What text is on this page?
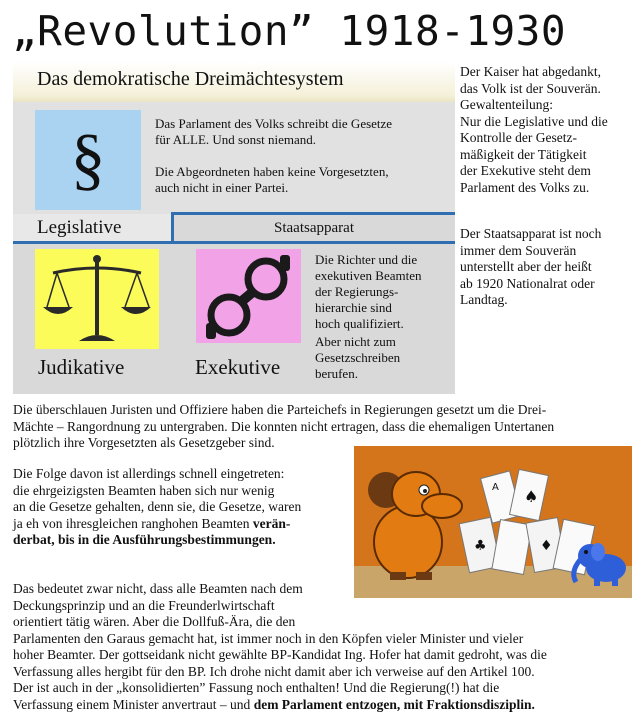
„Revolution” 1918-1930
Das demokratische Dreimächtesystem
§	Das Parlament des Volks schreibt die Gesetze
für ALLE. Und sonst niemand.
Die Abgeordneten haben keine Vorgesetzten,
auch nicht in einer Partei.
Legislative	Staatsapparat
Judikative	Exekutive
Die Richter und die
exekutiven Beamten
der Regierungs-
hierarchie sind
hoch qualifiziert.
Aber nicht zum
Gesetzschreiben
berufen.
Der Kaiser hat abgedankt,
das Volk ist der Souverän.
Gewaltenteilung:
Nur die Legislative und die
Kontrolle der Gesetz-
mäßigkeit der Tätigkeit
der Exekutive steht dem
Parlament des Volks zu.
Der Staatsapparat ist noch
immer dem Souverän
unterstellt aber der heißt
ab 1920 Nationalrat oder
Landtag.
Die überschlauen Juristen und Offiziere haben die Parteichefs in Regierungen gesetzt um die Drei-
Mächte – Rangordnung zu untergraben. Die konnten nicht ertragen, dass die ehemaligen Untertanen
plötzlich ihre Vorgesetzten als Gesetzgeber sind.
Die Folge davon ist allerdings schnell eingetreten:
die ehrgeizigsten Beamten haben sich nur wenig
an die Gesetze gehalten, denn sie, die Gesetze, waren
ja eh von ihresgleichen ranghohen Beamten verän-
derbat, bis in die Ausführungsbestimmungen.
A ♠
♣	♦
Das bedeutet zwar nicht, dass alle Beamten nach dem
Deckungsprinzip und an die Freunderlwirtschaft
orientiert tätig wären. Aber die Dollfuß-Ära, die den
Parlamenten den Garaus gemacht hat, ist immer noch in den Köpfen vieler Minister und vieler
hoher Beamter. Der gottseidank nicht gewählte BP-Kandidat Ing. Hofer hat damit gedroht, was die
Verfassung alles hergibt für den BP. Ich drohe nicht damit aber ich verweise auf den Artikel 100.
Der ist auch in der „konsolidierten” Fassung noch enthalten! Und die Regierung(!) hat die
Verfassung einem Minister anvertraut – und dem Parlament entzogen, mit Fraktionsdisziplin.
